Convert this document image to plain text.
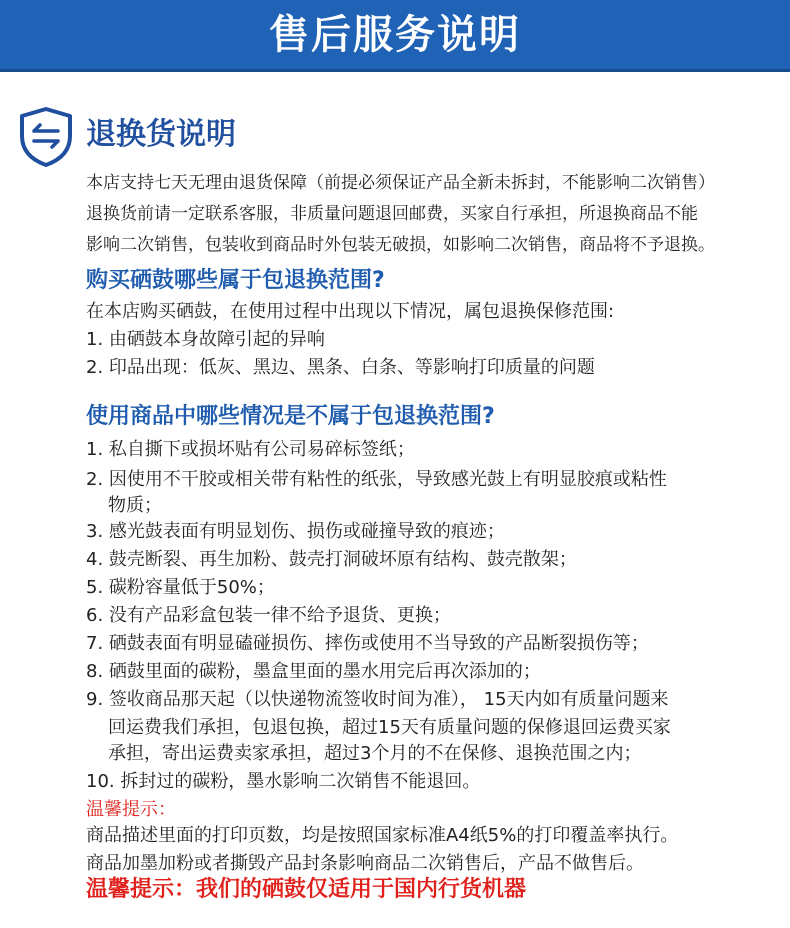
售后服务说明
退换货说明
本店支持七天无理由退货保障（前提必须保证产品全新未拆封，不能影响二次销售）
退换货前请一定联系客服，非质量问题退回邮费，买家自行承担，所退换商品不能
影响二次销售，包装收到商品时外包装无破损，如影响二次销售，商品将不予退换。
购买硒鼓哪些属于包退换范围?
在本店购买硒鼓，在使用过程中出现以下情况，属包退换保修范围:
1. 由硒鼓本身故障引起的异响
2. 印品出现：低灰、黑边、黑条、白条、等影响打印质量的问题
使用商品中哪些情况是不属于包退换范围?
1. 私自撕下或损坏贴有公司易碎标签纸；
2. 因使用不干胶或相关带有粘性的纸张，导致感光鼓上有明显胶痕或粘性
物质；
3. 感光鼓表面有明显划伤、损伤或碰撞导致的痕迹；
4. 鼓壳断裂、再生加粉、鼓壳打洞破坏原有结构、鼓壳散架；
5. 碳粉容量低于50%；
6. 没有产品彩盒包装一律不给予退货、更换；
7. 硒鼓表面有明显磕碰损伤、摔伤或使用不当导致的产品断裂损伤等；
8. 硒鼓里面的碳粉，墨盒里面的墨水用完后再次添加的；
9. 签收商品那天起（以快递物流签收时间为准）， 15天内如有质量问题来
回运费我们承担，包退包换，超过15天有质量问题的保修退回运费买家
承担，寄出运费卖家承担，超过3个月的不在保修、退换范围之内；
10. 拆封过的碳粉，墨水影响二次销售不能退回。
温馨提示：
商品描述里面的打印页数，均是按照国家标准A4纸5%的打印覆盖率执行。
商品加墨加粉或者撕毁产品封条影响商品二次销售后，产品不做售后。
温馨提示：我们的硒鼓仅适用于国内行货机器
